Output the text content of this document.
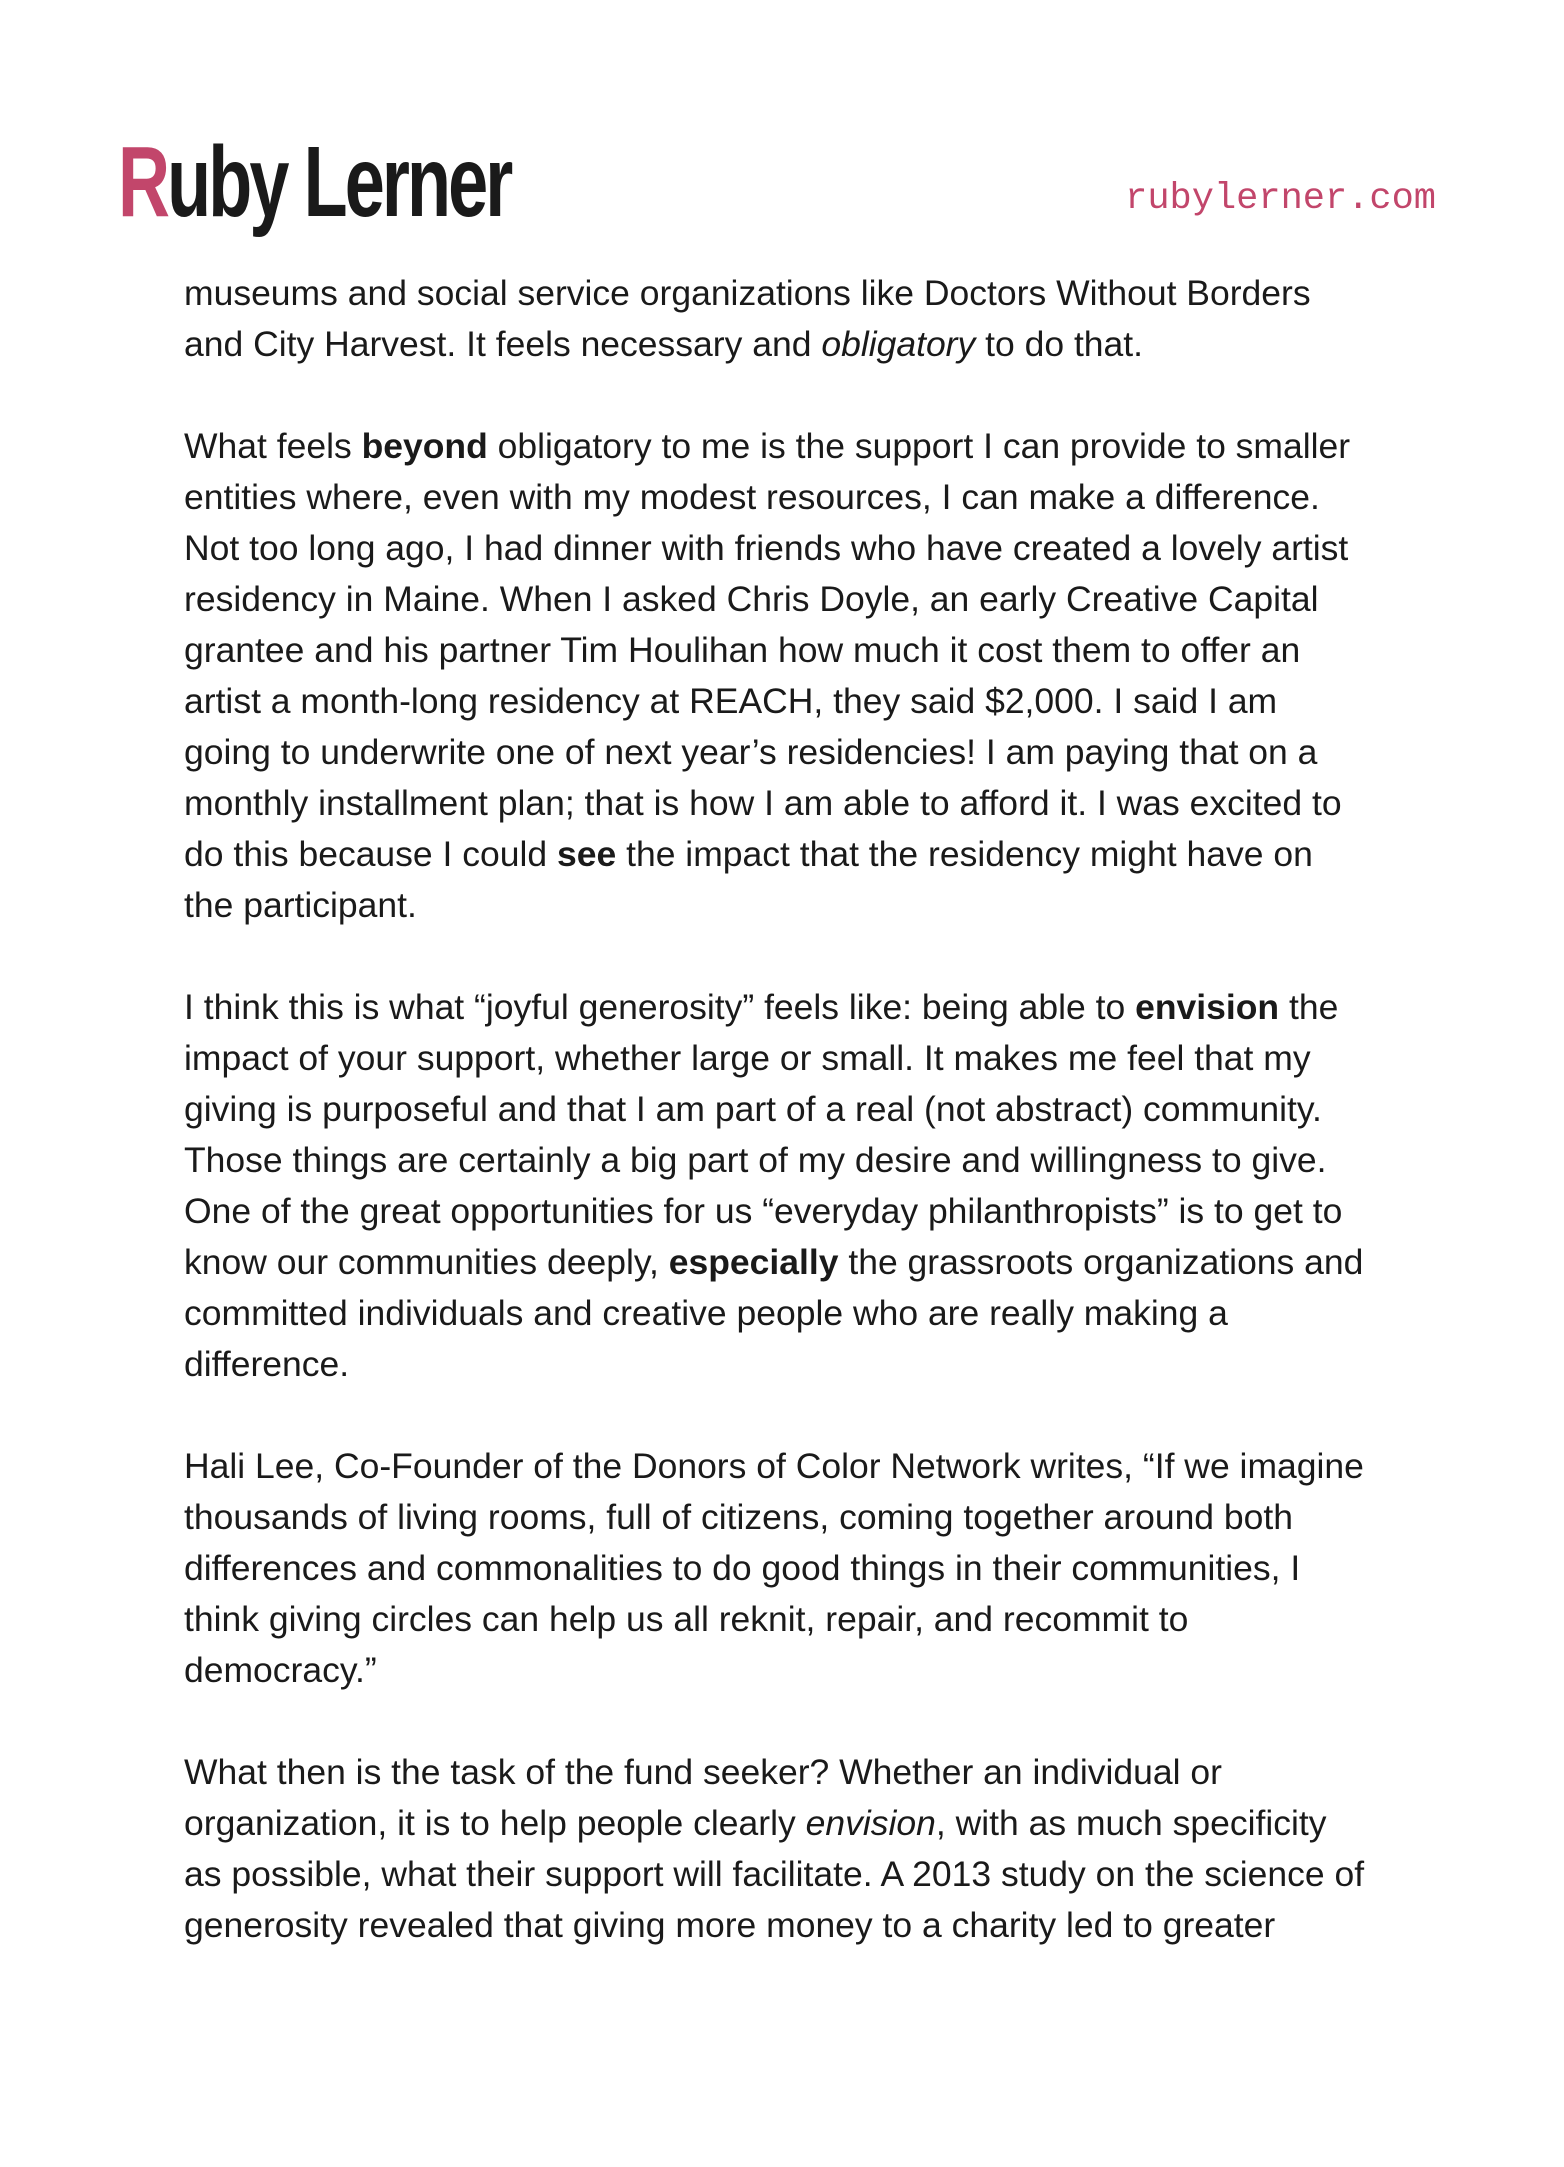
Ruby Lerner	rubylerner.com

museums and social service organizations like Doctors Without Borders
and City Harvest. It feels necessary and obligatory to do that.

What feels beyond obligatory to me is the support I can provide to smaller
entities where, even with my modest resources, I can make a difference.
Not too long ago, I had dinner with friends who have created a lovely artist
residency in Maine. When I asked Chris Doyle, an early Creative Capital
grantee and his partner Tim Houlihan how much it cost them to offer an
artist a month-long residency at REACH, they said $2,000. I said I am
going to underwrite one of next year’s residencies! I am paying that on a
monthly installment plan; that is how I am able to afford it. I was excited to
do this because I could see the impact that the residency might have on
the participant.

I think this is what “joyful generosity” feels like: being able to envision the
impact of your support, whether large or small. It makes me feel that my
giving is purposeful and that I am part of a real (not abstract) community.
Those things are certainly a big part of my desire and willingness to give.
One of the great opportunities for us “everyday philanthropists” is to get to
know our communities deeply, especially the grassroots organizations and
committed individuals and creative people who are really making a
difference.

Hali Lee, Co-Founder of the Donors of Color Network writes, “If we imagine
thousands of living rooms, full of citizens, coming together around both
differences and commonalities to do good things in their communities, I
think giving circles can help us all reknit, repair, and recommit to
democracy.”

What then is the task of the fund seeker? Whether an individual or
organization, it is to help people clearly envision, with as much specificity
as possible, what their support will facilitate. A 2013 study on the science of
generosity revealed that giving more money to a charity led to greater
